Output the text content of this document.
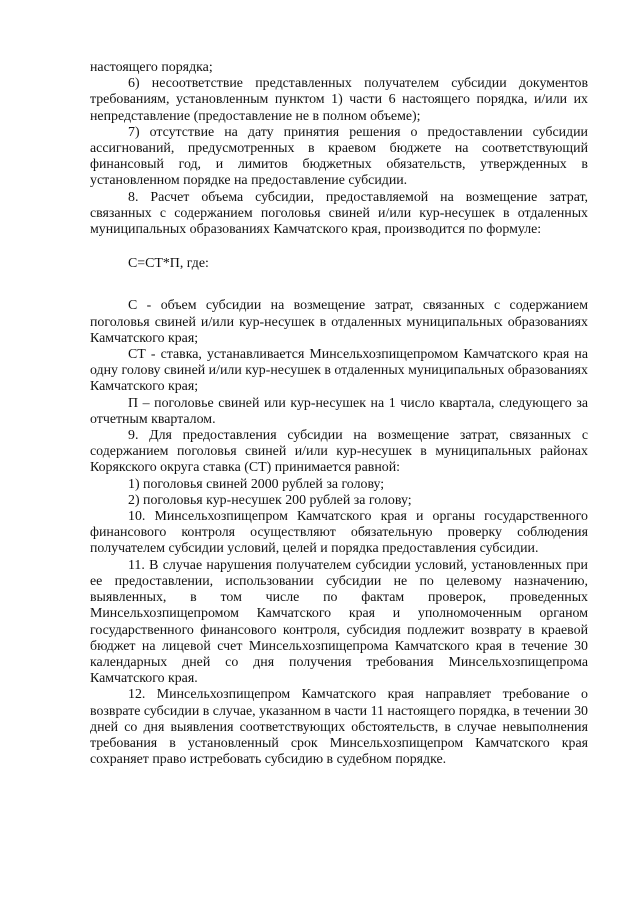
настоящего порядка;

6) несоответствие представленных получателем субсидии документов требованиям, установленным пунктом 1) части 6 настоящего порядка, и/или их непредставление (предоставление не в полном объеме);

7) отсутствие на дату принятия решения о предоставлении субсидии ассигнований, предусмотренных в краевом бюджете на соответствующий финансовый год, и лимитов бюджетных обязательств, утвержденных в установленном порядке на предоставление субсидии.

8. Расчет объема субсидии, предоставляемой на возмещение затрат, связанных с содержанием поголовья свиней и/или кур-несушек в отдаленных муниципальных образованиях Камчатского края, производится по формуле:

С=СТ*П, где:

С - объем субсидии на возмещение затрат, связанных с содержанием поголовья свиней и/или кур-несушек в отдаленных муниципальных образованиях Камчатского края;

СТ - ставка, устанавливается Минсельхозпищепромом Камчатского края на одну голову свиней и/или кур-несушек в отдаленных муниципальных образованиях Камчатского края;

П – поголовье свиней или кур-несушек на 1 число квартала, следующего за отчетным кварталом.

9. Для предоставления субсидии на возмещение затрат, связанных с содержанием поголовья свиней и/или кур-несушек в муниципальных районах Корякского округа ставка (СТ) принимается равной:

1) поголовья свиней 2000 рублей за голову;

2) поголовья кур-несушек 200 рублей за голову;

10. Минсельхозпищепром Камчатского края и органы государственного финансового контроля осуществляют обязательную проверку соблюдения получателем субсидии условий, целей и порядка предоставления субсидии.

11. В случае нарушения получателем субсидии условий, установленных при ее предоставлении, использовании субсидии не по целевому назначению, выявленных, в том числе по фактам проверок, проведенных Минсельхозпищепромом Камчатского края и уполномоченным органом государственного финансового контроля, субсидия подлежит возврату в краевой бюджет на лицевой счет Минсельхозпищепрома Камчатского края в течение 30 календарных дней со дня получения требования Минсельхозпищепрома Камчатского края.

12. Минсельхозпищепром Камчатского края направляет требование о возврате субсидии в случае, указанном в части 11 настоящего порядка, в течении 30 дней со дня выявления соответствующих обстоятельств, в случае невыполнения требования в установленный срок Минсельхозпищепром Камчатского края сохраняет право истребовать субсидию в судебном порядке.
